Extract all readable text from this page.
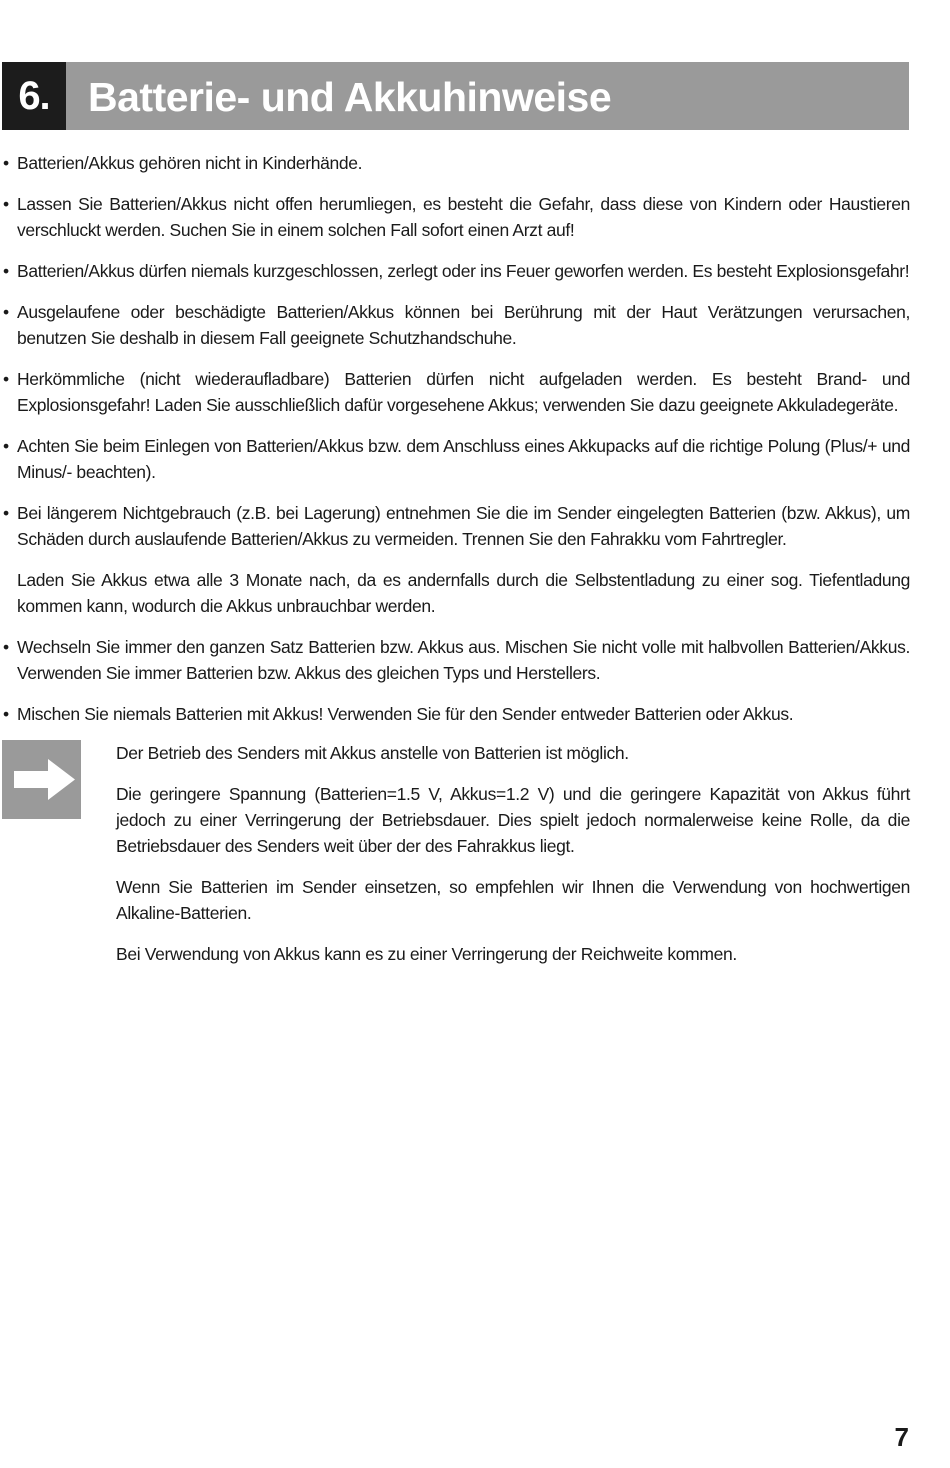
6. Batterie- und Akkuhinweise
• Batterien/Akkus gehören nicht in Kinderhände.
• Lassen Sie Batterien/Akkus nicht offen herumliegen, es besteht die Gefahr, dass diese von Kindern oder Haustieren verschluckt werden. Suchen Sie in einem solchen Fall sofort einen Arzt auf!
• Batterien/Akkus dürfen niemals kurzgeschlossen, zerlegt oder ins Feuer geworfen werden. Es besteht Explosionsgefahr!
• Ausgelaufene oder beschädigte Batterien/Akkus können bei Berührung mit der Haut Verätzungen verursachen, benutzen Sie deshalb in diesem Fall geeignete Schutzhandschuhe.
• Herkömmliche (nicht wiederaufladbare) Batterien dürfen nicht aufgeladen werden. Es besteht Brand- und Explosionsgefahr! Laden Sie ausschließlich dafür vorgesehene Akkus; verwenden Sie dazu geeignete Akkuladegeräte.
• Achten Sie beim Einlegen von Batterien/Akkus bzw. dem Anschluss eines Akkupacks auf die richtige Polung (Plus/+ und Minus/- beachten).
• Bei längerem Nichtgebrauch (z.B. bei Lagerung) entnehmen Sie die im Sender eingelegten Batterien (bzw. Akkus), um Schäden durch auslaufende Batterien/Akkus zu vermeiden. Trennen Sie den Fahrakku vom Fahrtregler.
Laden Sie Akkus etwa alle 3 Monate nach, da es andernfalls durch die Selbstentladung zu einer sog. Tiefentladung kommen kann, wodurch die Akkus unbrauchbar werden.
• Wechseln Sie immer den ganzen Satz Batterien bzw. Akkus aus. Mischen Sie nicht volle mit halbvollen Batterien/Akkus. Verwenden Sie immer Batterien bzw. Akkus des gleichen Typs und Herstellers.
• Mischen Sie niemals Batterien mit Akkus! Verwenden Sie für den Sender entweder Batterien oder Akkus.
Der Betrieb des Senders mit Akkus anstelle von Batterien ist möglich.
Die geringere Spannung (Batterien=1.5 V, Akkus=1.2 V) und die geringere Kapazität von Akkus führt jedoch zu einer Verringerung der Betriebsdauer. Dies spielt jedoch normalerweise keine Rolle, da die Betriebsdauer des Senders weit über der des Fahrakkus liegt.
Wenn Sie Batterien im Sender einsetzen, so empfehlen wir Ihnen die Verwendung von hochwertigen Alkaline-Batterien.
Bei Verwendung von Akkus kann es zu einer Verringerung der Reichweite kommen.
7
